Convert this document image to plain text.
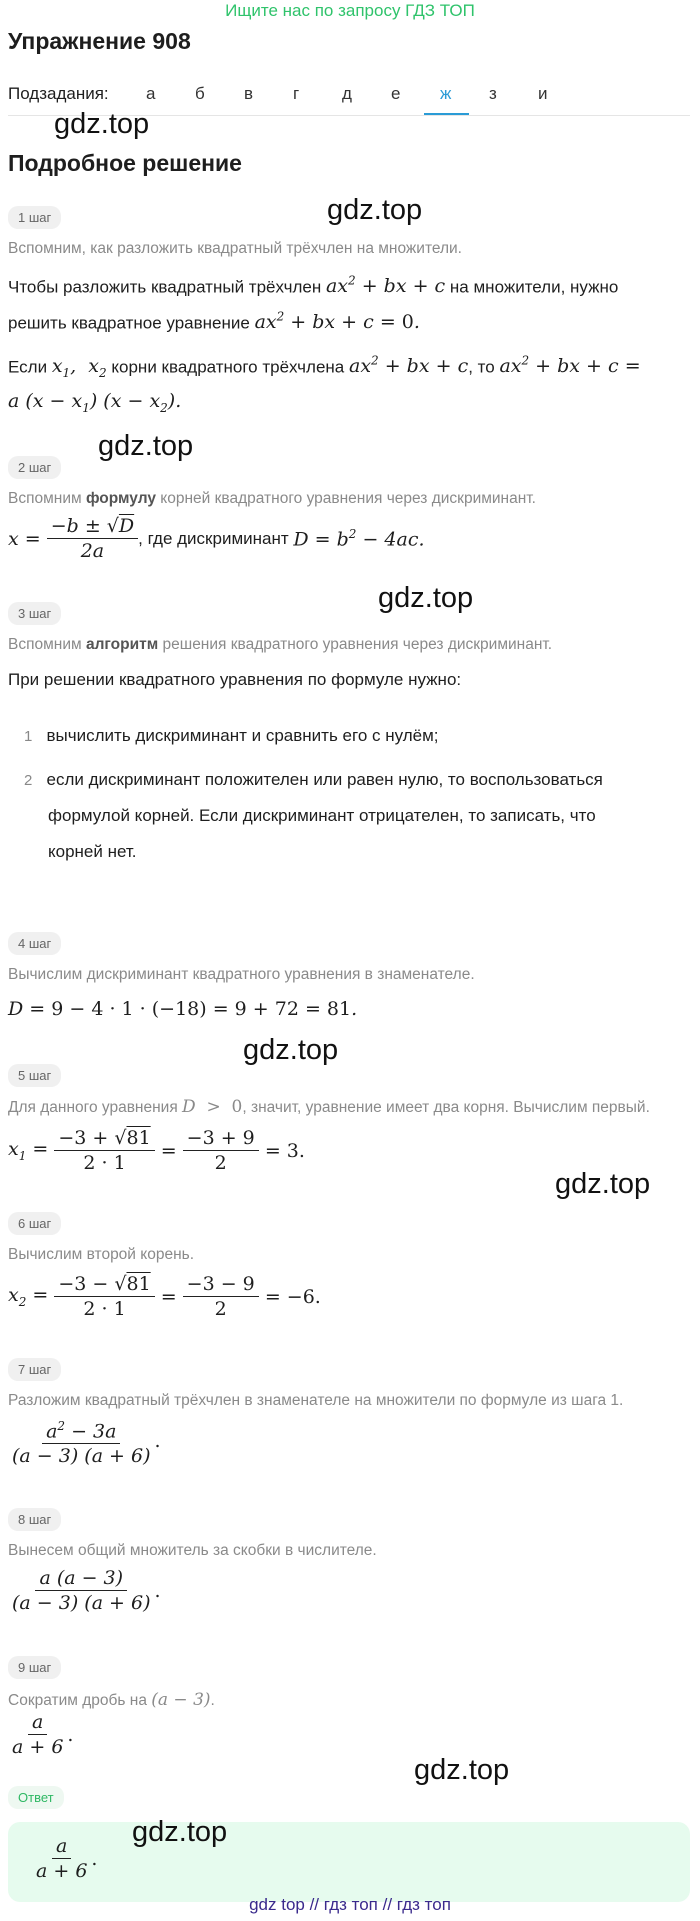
Ищите нас по запросу ГДЗ ТОП
Упражнение 908
Подзадания: а б в г	д е ж з и
gdz.top
Подробное решение
gdz.top
1 шаг
Вспомним, как разложить квадратный трёхчлен на множители.
Чтобы разложить квадратный трёхчлен $ax^2$ + bx + c на множители, нужно
решить квадратное уравнение $ax^2$ + bx + c = 0.
Если $x_1$,  $x_2$ корни квадратного трёхчлена $ax^2$ + bx + c, то $ax^2$ + bx + c =
a $(x - x_1)$ $(x - x_2)$.
gdz.top
2 шаг
Вспомним формулу корней квадратного уравнения через дискриминант.
$x = \frac{-b \pm √D}{2a}$ , где дискриминант
$D = b^2 - 4ac$.
gdz.top
3 шаг
Вспомним алгоритм решения квадратного уравнения через дискриминант.
При решении квадратного уравнения по формуле нужно:
1 вычислить дискриминант и сравнить его с нулём;
2 если дискриминант положителен или равен нулю, то воспользоваться
формулой корней. Если дискриминант отрицателен, то записать, что
корней нет.
4 шаг
Вычислим дискриминант квадратного уравнения в знаменателе.
D = 9 − 4 · 1 · (−18) = 9 + 72 = 81.
gdz.top
5 шаг
Для данного уравнения D  >  0, значит, уравнение имеет два корня. Вычислим первый.
$x_1 = \frac{-3 + √81}{2 \cdot 1} = \frac{-3 + 9}{2} = 3$.
gdz.top
6 шаг
Вычислим второй корень.
$x_2 = \frac{-3 - √81}{2 \cdot 1} = \frac{-3 - 9}{2} = -6$.
7 шаг
Разложим квадратный трёхчлен в знаменателе на множители по формуле из шага 1.
$\frac{a^2 - 3a}{(a - 3) (a + 6)}$ .
8 шаг
Вынесем общий множитель за скобки в числителе.
$\frac{a (a - 3)}{(a - 3) (a + 6)}$ .
9 шаг
Сократим дробь на (a − 3).
$\frac{a}{a + 6}$ .
gdz.top
Ответ
$\frac{a}{a + 6}$ .
gdz.top
gdz top // гдз топ // гдз топ
